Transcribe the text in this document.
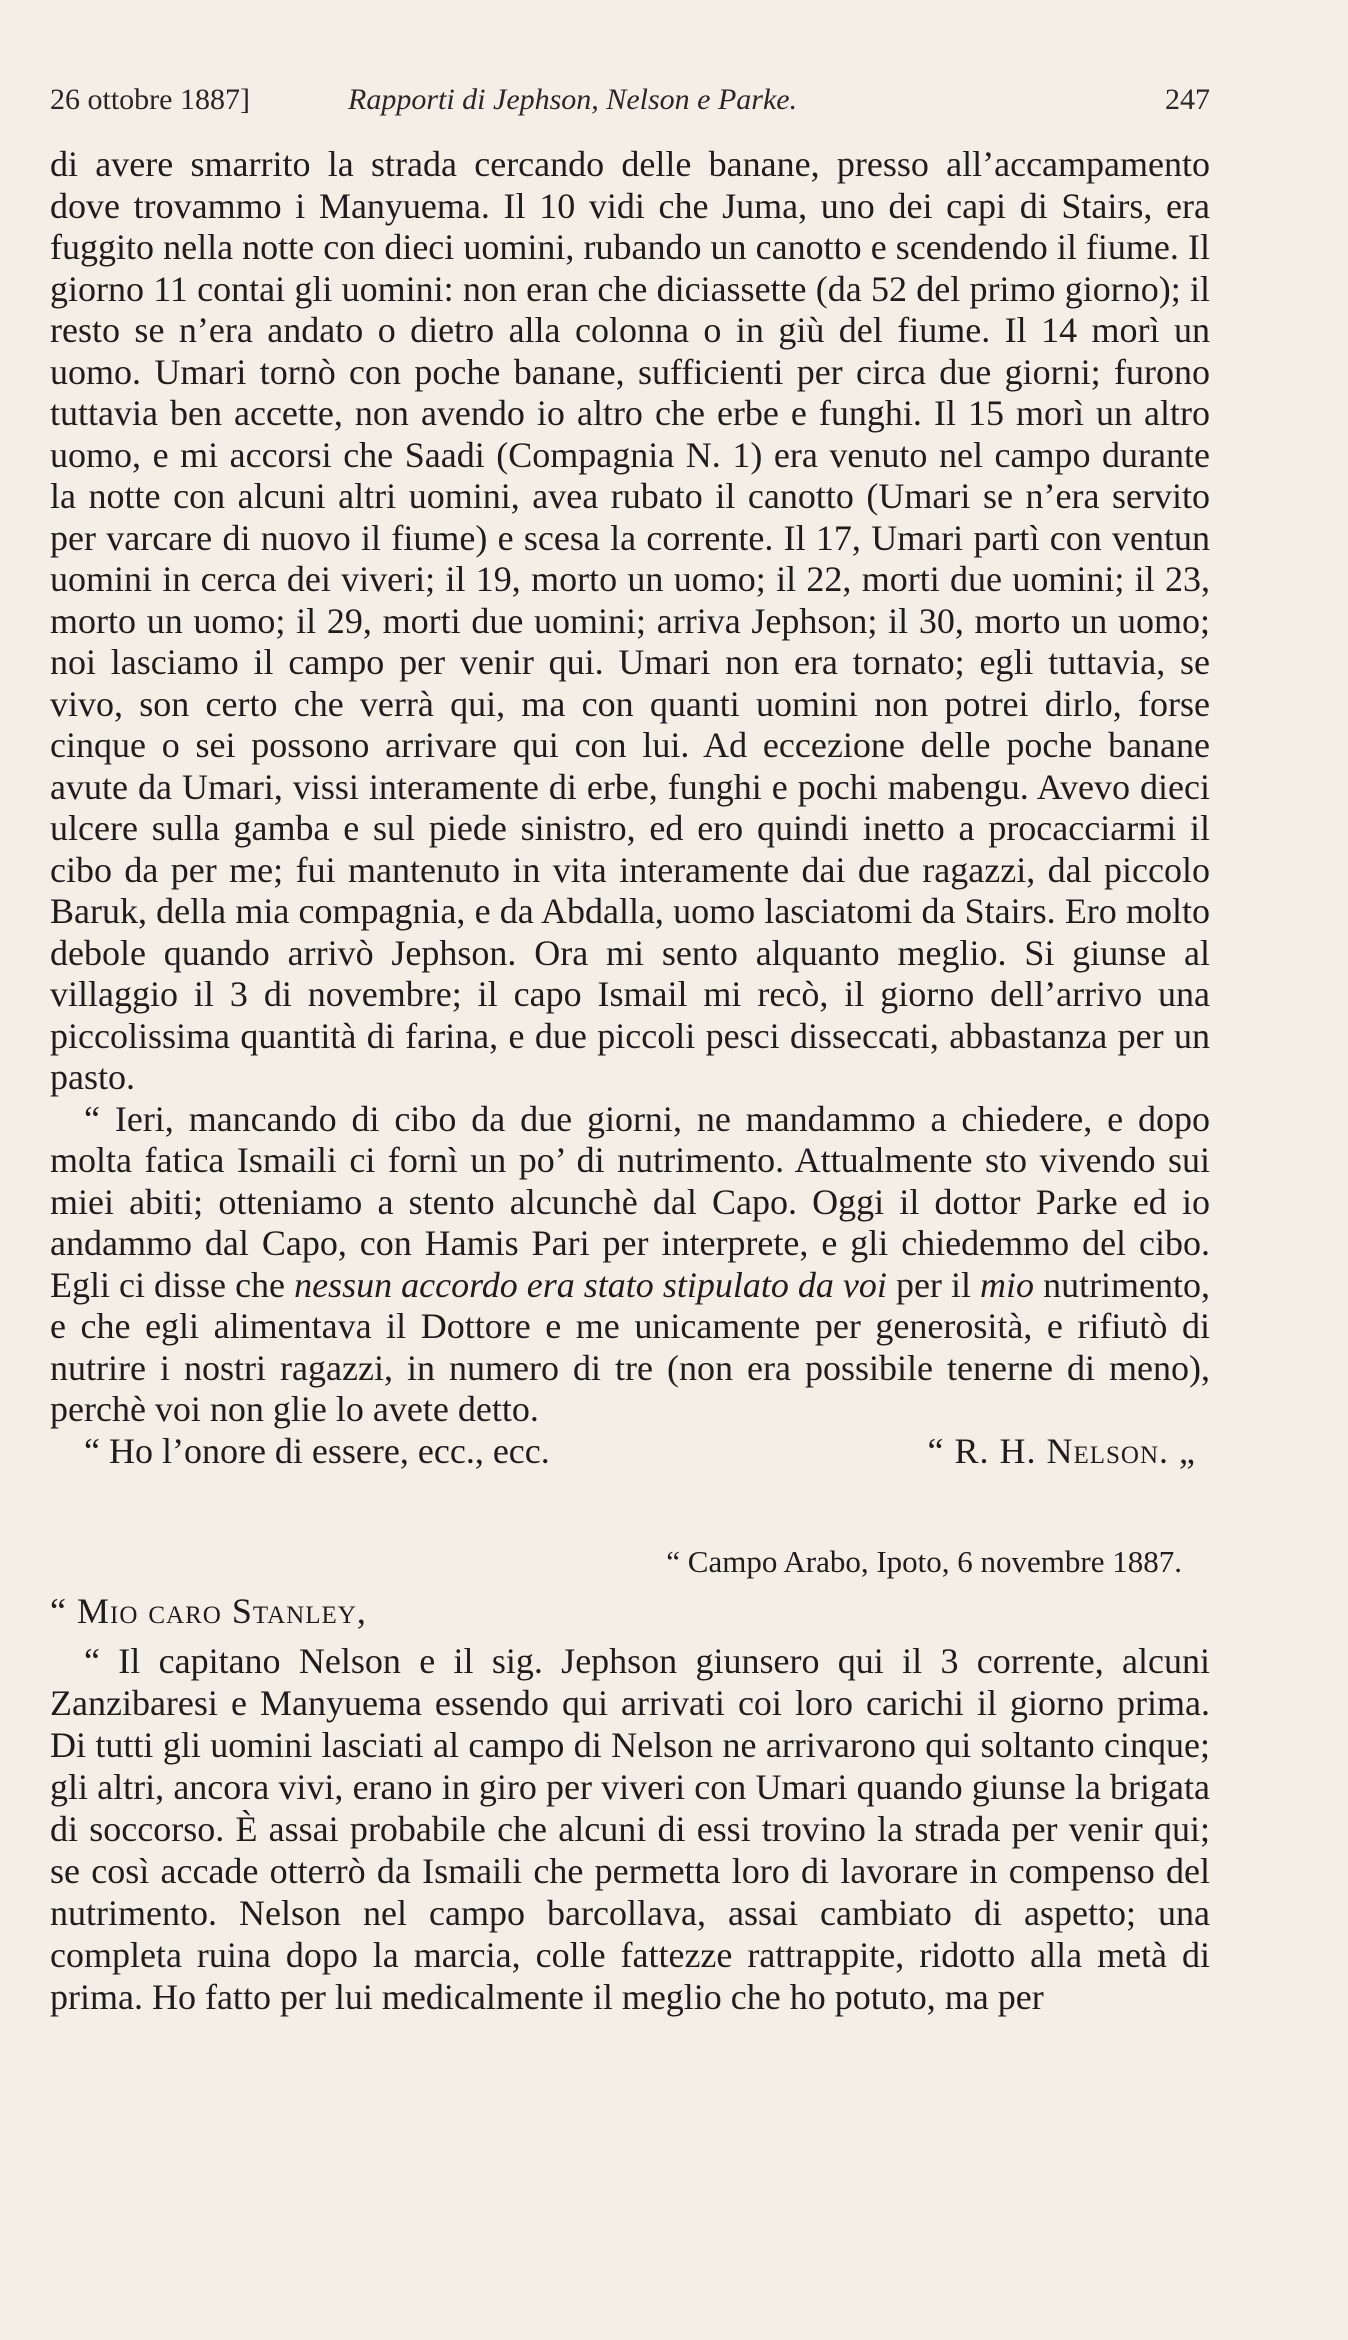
26 ottobre 1887]	Rapporti di Jephson, Nelson e Parke.	247

di avere smarrito la strada cercando delle banane, presso all’accampamento dove trovammo i Manyuema. Il 10 vidi che Juma, uno dei capi di Stairs, era fuggito nella notte con dieci uomini, rubando un canotto e scendendo il fiume. Il giorno 11 contai gli uomini: non eran che diciassette (da 52 del primo giorno); il resto se n’era andato o dietro alla colonna o in giù del fiume. Il 14 morì un uomo. Umari tornò con poche banane, sufficienti per circa due giorni; furono tuttavia ben accette, non avendo io altro che erbe e funghi. Il 15 morì un altro uomo, e mi accorsi che Saadi (Compagnia N. 1) era venuto nel campo durante la notte con alcuni altri uomini, avea rubato il canotto (Umari se n’era servito per varcare di nuovo il fiume) e scesa la corrente. Il 17, Umari partì con ventun uomini in cerca dei viveri; il 19, morto un uomo; il 22, morti due uomini; il 23, morto un uomo; il 29, morti due uomini; arriva Jephson; il 30, morto un uomo; noi lasciamo il campo per venir qui. Umari non era tornato; egli tuttavia, se vivo, son certo che verrà qui, ma con quanti uomini non potrei dirlo, forse cinque o sei possono arrivare qui con lui. Ad eccezione delle poche banane avute da Umari, vissi interamente di erbe, funghi e pochi mabengu. Avevo dieci ulcere sulla gamba e sul piede sinistro, ed ero quindi inetto a procacciarmi il cibo da per me; fui mantenuto in vita interamente dai due ragazzi, dal piccolo Baruk, della mia compagnia, e da Abdalla, uomo lasciatomi da Stairs. Ero molto debole quando arrivò Jephson. Ora mi sento alquanto meglio. Si giunse al villaggio il 3 di novembre; il capo Ismail mi recò, il giorno dell’arrivo una piccolissima quantità di farina, e due piccoli pesci disseccati, abbastanza per un pasto.

“ Ieri, mancando di cibo da due giorni, ne mandammo a chiedere, e dopo molta fatica Ismaili ci fornì un po’ di nutrimento. Attualmente sto vivendo sui miei abiti; otteniamo a stento alcunchè dal Capo. Oggi il dottor Parke ed io andammo dal Capo, con Hamis Pari per interprete, e gli chiedemmo del cibo. Egli ci disse che nessun accordo era stato stipulato da voi per il mio nutrimento, e che egli alimentava il Dottore e me unicamente per generosità, e rifiutò di nutrire i nostri ragazzi, in numero di tre (non era possibile tenerne di meno), perchè voi non glie lo avete detto.

“ Ho l’onore di essere, ecc., ecc.	“ R. H. Nelson. „
“ Campo Arabo, Ipoto, 6 novembre 1887.
“ Mio caro Stanley,

“ Il capitano Nelson e il sig. Jephson giunsero qui il 3 corrente, alcuni Zanzibaresi e Manyuema essendo qui arrivati coi loro carichi il giorno prima. Di tutti gli uomini lasciati al campo di Nelson ne arrivarono qui soltanto cinque; gli altri, ancora vivi, erano in giro per viveri con Umari quando giunse la brigata di soccorso. È assai probabile che alcuni di essi trovino la strada per venir qui; se così accade otterrò da Ismaili che permetta loro di lavorare in compenso del nutrimento. Nelson nel campo barcollava, assai cambiato di aspetto; una completa ruina dopo la marcia, colle fattezze rattrappite, ridotto alla metà di prima. Ho fatto per lui medicalmente il meglio che ho potuto, ma per
